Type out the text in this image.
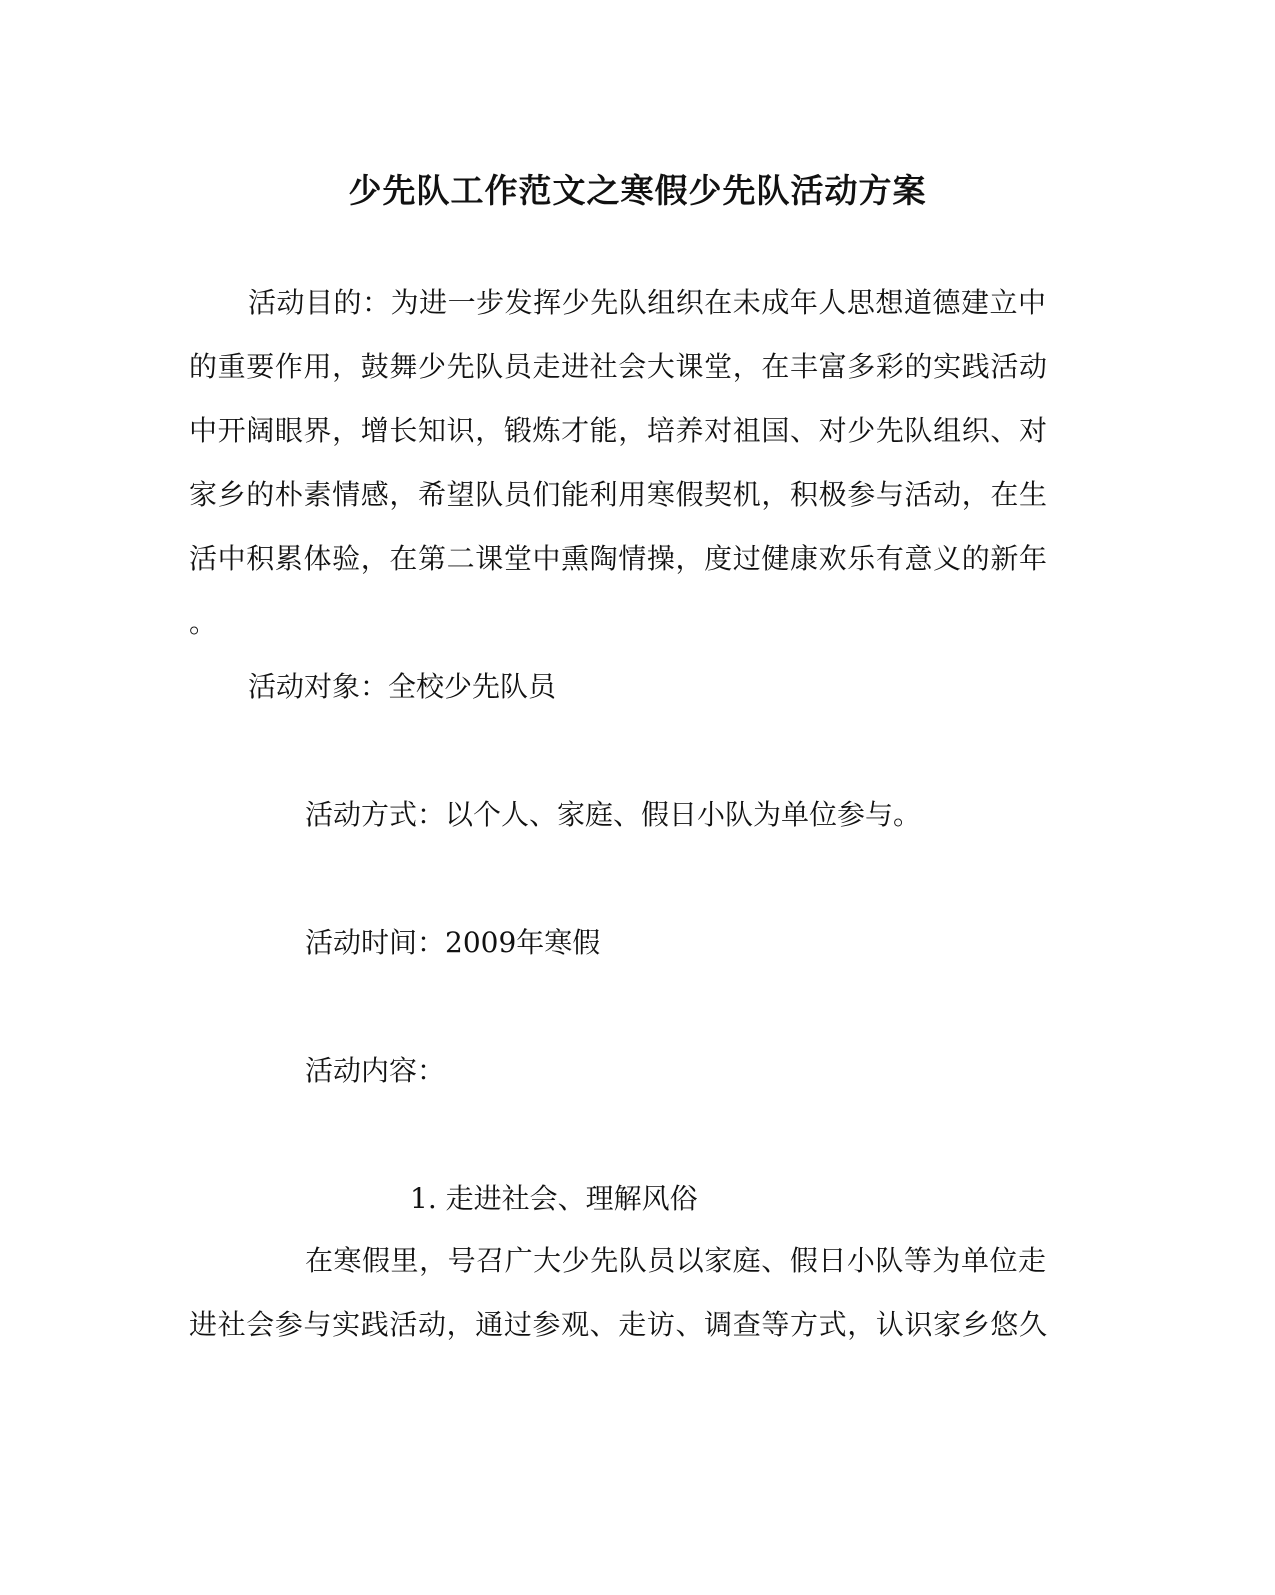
少先队工作范文之寒假少先队活动方案
活动目的：为进一步发挥少先队组织在未成年人思想道德建立中
的重要作用，鼓舞少先队员走进社会大课堂，在丰富多彩的实践活动
中开阔眼界，增长知识，锻炼才能，培养对祖国、对少先队组织、对
家乡的朴素情感，希望队员们能利用寒假契机，积极参与活动，在生
活中积累体验，在第二课堂中熏陶情操，度过健康欢乐有意义的新年
。
活动对象：全校少先队员
活动方式：以个人、家庭、假日小队为单位参与。
活动时间：2009年寒假
活动内容：
1. 走进社会、理解风俗
在寒假里，号召广大少先队员以家庭、假日小队等为单位走
进社会参与实践活动，通过参观、走访、调查等方式，认识家乡悠久
